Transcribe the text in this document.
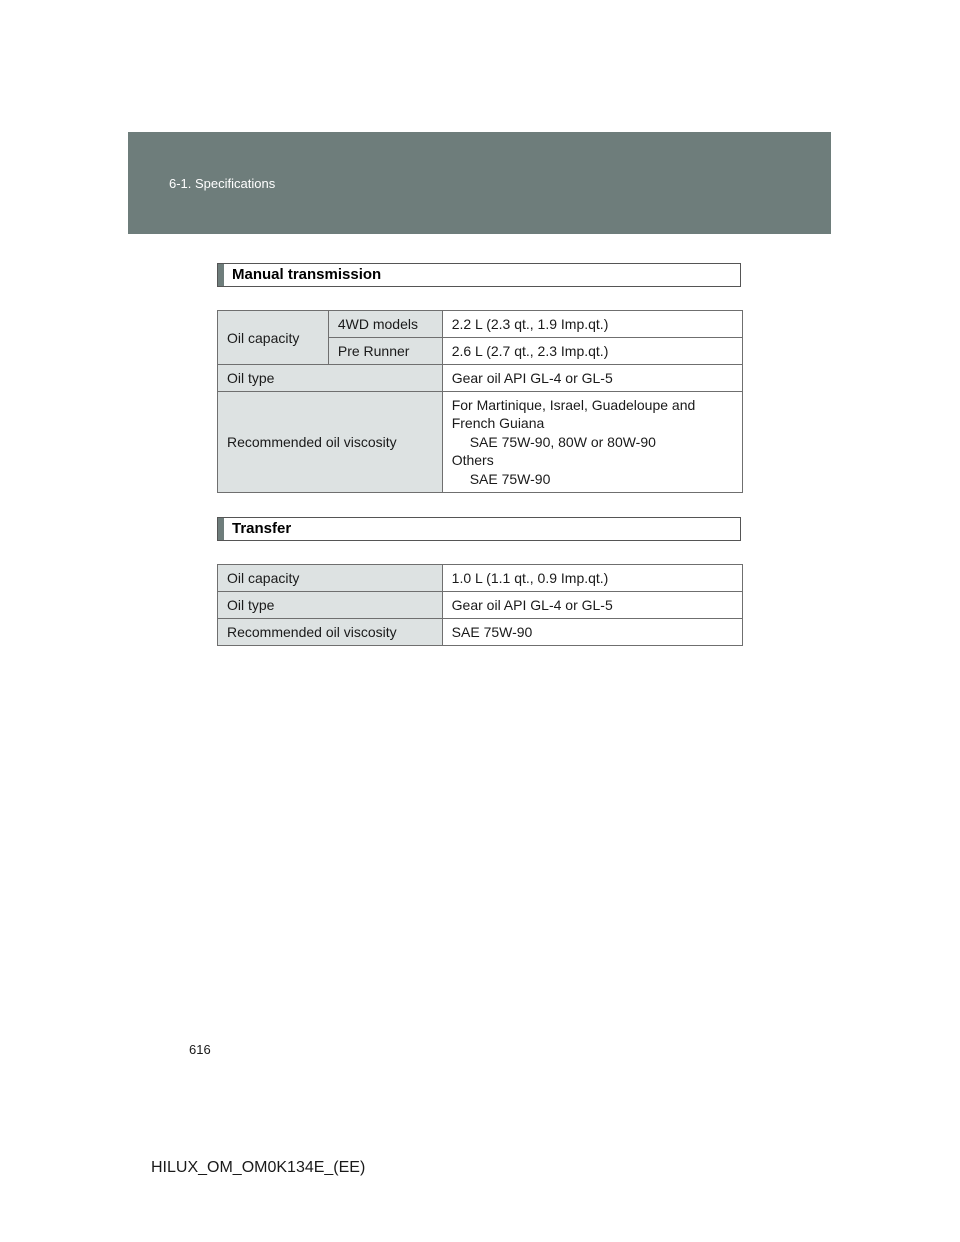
6-1. Specifications
Manual transmission
Oil capacity	4WD models	2.2 L (2.3 qt., 1.9 Imp.qt.)
	Pre Runner	2.6 L (2.7 qt., 2.3 Imp.qt.)
Oil type		Gear oil API GL-4 or GL-5
Recommended oil viscosity		For Martinique, Israel, Guadeloupe and
French Guiana
SAE 75W-90, 80W or 80W-90
Others
SAE 75W-90
Transfer
Oil capacity	1.0 L (1.1 qt., 0.9 Imp.qt.)
Oil type	Gear oil API GL-4 or GL-5
Recommended oil viscosity	SAE 75W-90
616
HILUX_OM_OM0K134E_(EE)
